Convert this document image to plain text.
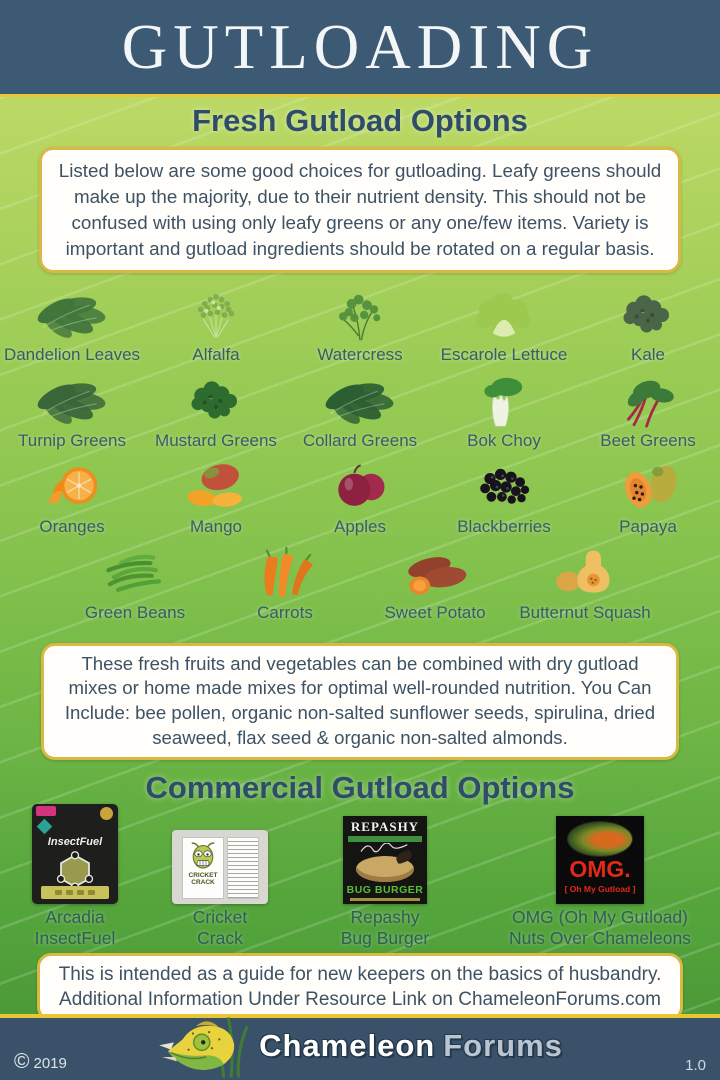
GUTLOADING
Fresh Gutload Options

Listed below are some good choices for gutloading. Leafy greens should make up the majority, due to their nutrient density. This should not be confused with using only leafy greens or any one/few items. Variety is important and gutload ingredients should be rotated on a regular basis.

Dandelion Leaves	Alfalfa	Watercress Escarole Lettuce	Kale
Turnip Greens Mustard Greens Collard Greens	Bok Choy	Beet Greens
Oranges	Mango	Apples	Blackberries	Papaya
Green Beans	Carrots	Sweet Potato Butternut Squash

These fresh fruits and vegetables can be combined with dry gutload mixes or home made mixes for optimal well-rounded nutrition. You Can Include: bee pollen, organic non-salted sunflower seeds, spirulina, dried seaweed, flax seed & organic non-salted almonds.

Commercial Gutload Options
InsectFuel
Arcadia
InsectFuel
CRICKET
CRACK
Cricket
Crack
REPASHY
BUG BURGER
Repashy
Bug Burger
OMG.
[ Oh My Gutload ]
OMG (Oh My Gutload)
Nuts Over Chameleons

This is intended as a guide for new keepers on the basics of husbandry.

Additional Information Under Resource Link on ChameleonForums.com

© 2019
Chameleon Forums
1.0
